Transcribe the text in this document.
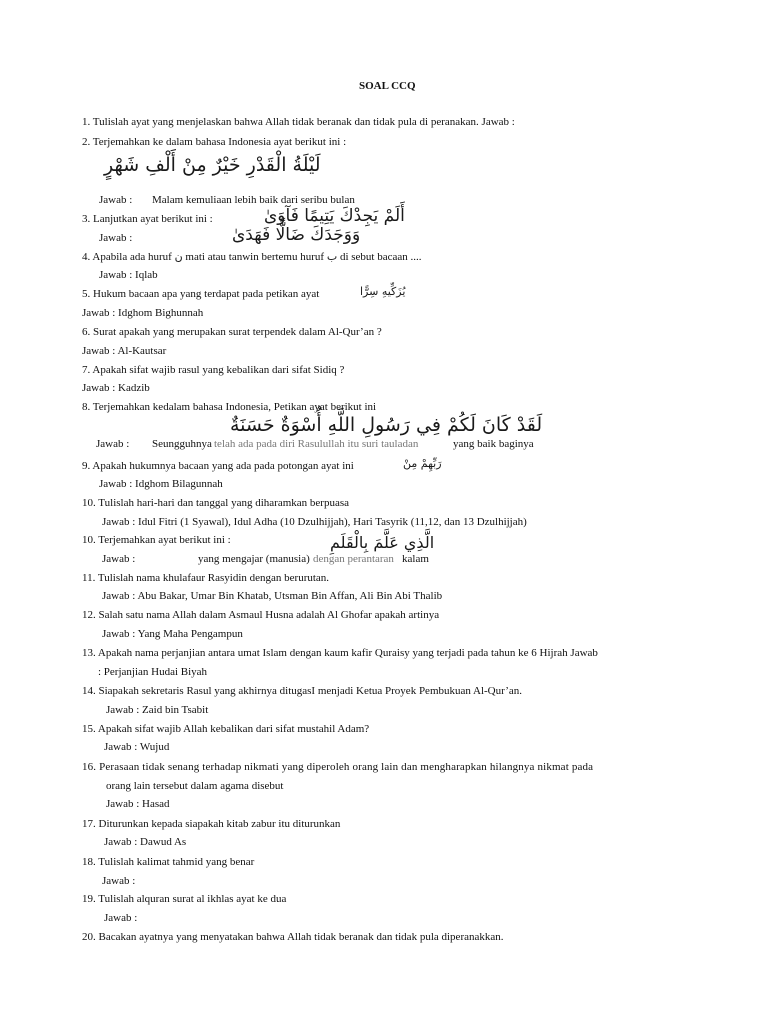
SOAL CCQ
1. Tulislah ayat yang menjelaskan bahwa Allah tidak beranak dan tidak pula di peranakan. Jawab :
2. Terjemahkan ke dalam bahasa Indonesia ayat berikut ini :
لَيْلَةُ الْقَدْرِ خَيْرٌ مِنْ أَلْفِ شَهْرٍ
Jawab : Malam kemuliaan lebih baik dari seribu bulan
3. Lanjutkan ayat berikut ini :	أَلَمْ يَجِدْكَ يَتِيمًا فَآوَىٰ
Jawab :	وَوَجَدَكَ ضَالًّا فَهَدَىٰ
4. Apabila ada huruf ن mati atau tanwin bertemu huruf ب di sebut bacaan ....
Jawab : Iqlab
5. Hukum bacaan apa yang terdapat pada petikan ayat	يُزَكِّيهِ سِرًّا
Jawab : Idghom Bighunnah
6. Surat apakah yang merupakan surat terpendek dalam Al-Qur’an ?
Jawab : Al-Kautsar
7. Apakah sifat wajib rasul yang kebalikan dari sifat Sidiq ?
Jawab : Kadzib
8. Terjemahkan kedalam bahasa Indonesia, Petikan ayat berikut ini
Jawab : Seungguhnya telah ada pada diri Rasulullah itu suri tauladan	yang baik baginya
لَقَدْ كَانَ لَكُمْ فِي رَسُولِ اللَّهِ أُسْوَةٌ حَسَنَةٌ
9. Apakah hukumnya bacaan yang ada pada potongan ayat ini	رَبِّهِمْ مِنْ
Jawab : Idghom Bilagunnah
10. Tulislah hari-hari dan tanggal yang diharamkan berpuasa
Jawab : Idul Fitri (1 Syawal), Idul Adha (10 Dzulhijjah), Hari Tasyrik (11,12, dan 13 Dzulhijjah)
10. Terjemahkan ayat berikut ini :
Jawab :	yang mengajar (manusia) dengan perantaran kalam
الَّذِي عَلَّمَ بِالْقَلَمِ
11. Tulislah nama khulafaur Rasyidin dengan berurutan.
Jawab : Abu Bakar, Umar Bin Khatab, Utsman Bin Affan, Ali Bin Abi Thalib
12. Salah satu nama Allah dalam Asmaul Husna adalah Al Ghofar apakah artinya
Jawab : Yang Maha Pengampun
13. Apakah nama perjanjian antara umat Islam dengan kaum kafir Quraisy yang terjadi pada tahun ke 6 Hijrah Jawab
: Perjanjian Hudai Biyah
14. Siapakah sekretaris Rasul yang akhirnya ditugasI menjadi Ketua Proyek Pembukuan Al-Qur’an.
Jawab : Zaid bin Tsabit
15. Apakah sifat wajib Allah kebalikan dari sifat mustahil Adam?
Jawab : Wujud
16. Perasaan tidak senang terhadap nikmati yang diperoleh orang lain dan mengharapkan hilangnya nikmat pada
orang lain tersebut dalam agama disebut
Jawab : Hasad
17. Diturunkan kepada siapakah kitab zabur itu diturunkan
Jawab : Dawud As
18. Tulislah kalimat tahmid yang benar
Jawab :
19. Tulislah alquran surat al ikhlas ayat ke dua
Jawab :
20. Bacakan ayatnya yang menyatakan bahwa Allah tidak beranak dan tidak pula diperanakkan.
